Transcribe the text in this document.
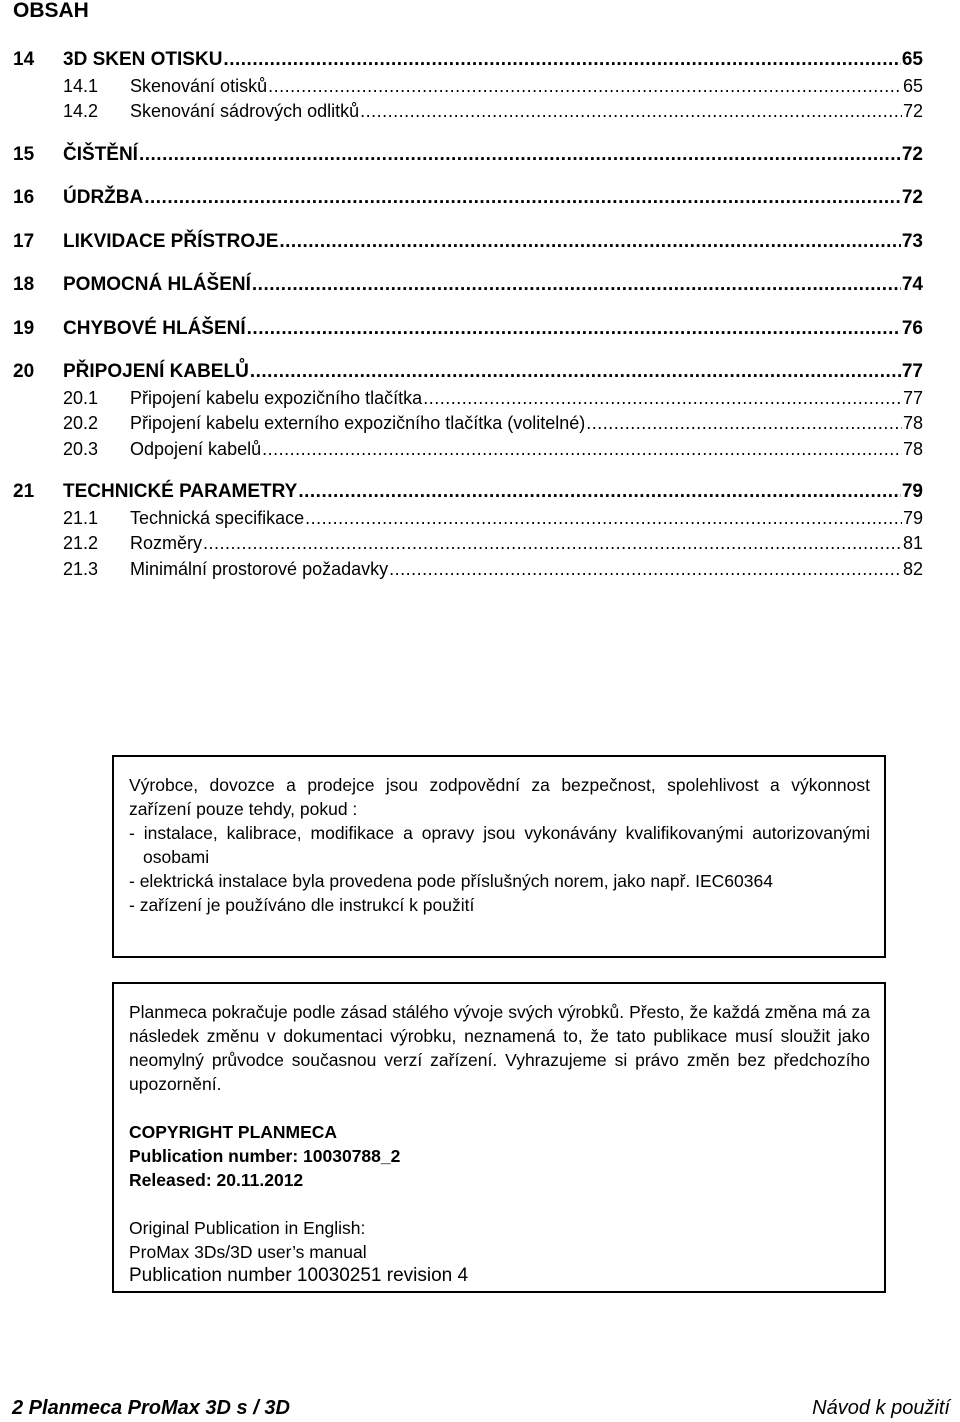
OBSAH
14	3D SKEN OTISKU .....	65
14.1	Skenování otisků .....	65
14.2	Skenování sádrových odlitků .....	72
15	ČIŠTĚNÍ .....	72
16	ÚDRŽBA .....	72
17	LIKVIDACE PŘÍSTROJE .....	73
18	POMOCNÁ HLÁŠENÍ .....	74
19	CHYBOVÉ HLÁŠENÍ .....	76
20	PŘIPOJENÍ KABELŮ .....	77
20.1	Připojení kabelu expozičního tlačítka .....	77
20.2	Připojení kabelu externího expozičního tlačítka (volitelné) .....	78
20.3	Odpojení kabelů .....	78
21	TECHNICKÉ PARAMETRY .....	79
21.1	Technická specifikace .....	79
21.2	Rozměry .....	81
21.3	Minimální prostorové požadavky .....	82

Výrobce, dovozce a prodejce jsou zodpovědní za bezpečnost, spolehlivost a výkonnost zařízení pouze tehdy, pokud :

- instalace, kalibrace, modifikace a opravy jsou vykonávány kvalifikovanými autorizovanými osobami

- elektrická instalace byla provedena pode příslušných norem, jako např. IEC60364

- zařízení je používáno dle instrukcí k použití

Planmeca pokračuje podle zásad stálého vývoje svých výrobků. Přesto, že každá změna má za následek změnu v dokumentaci výrobku, neznamená to, že tato publikace musí sloužit jako neomylný průvodce současnou verzí zařízení. Vyhrazujeme si právo změn bez předchozího upozornění.

COPYRIGHT PLANMECA

Publication number: 10030788_2

Released: 20.11.2012

Original Publication in English:

ProMax 3Ds/3D user’s manual

Publication number 10030251 revision 4

2 Planmeca ProMax 3D s / 3D	Návod k použití
